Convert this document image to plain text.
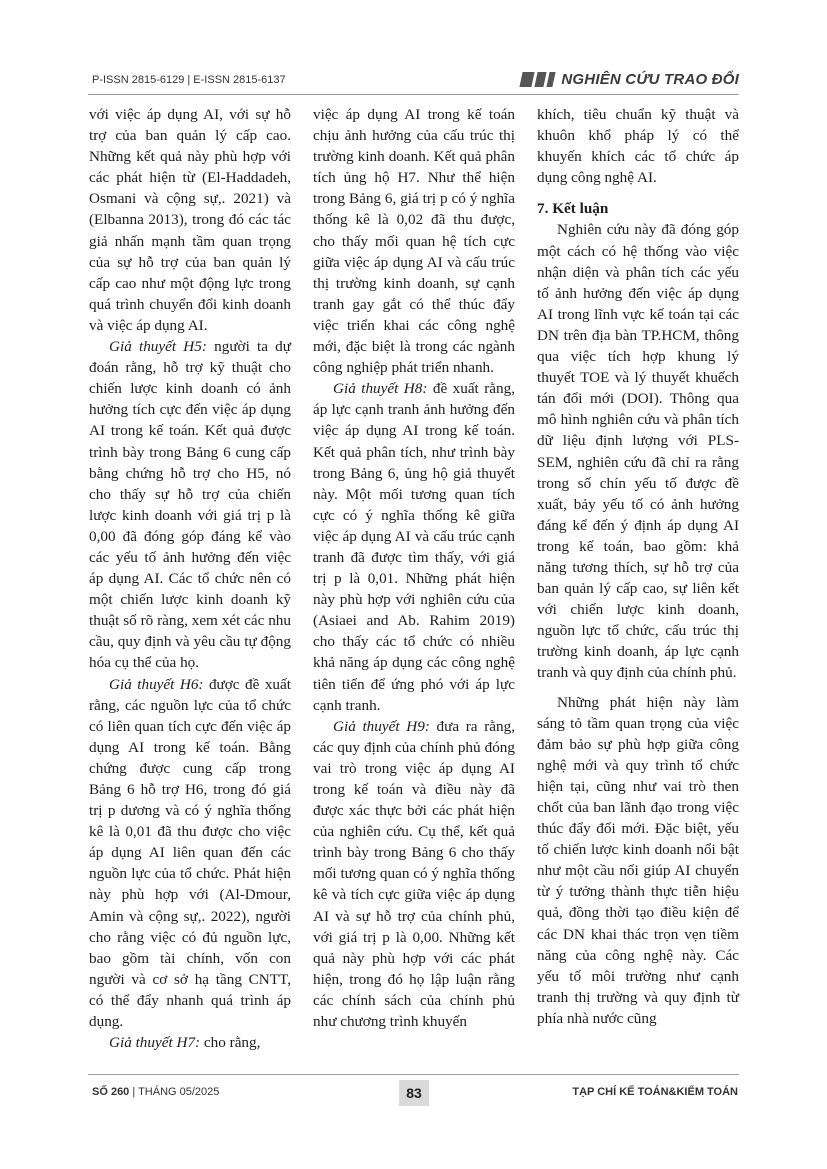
P-ISSN 2815-6129 | E-ISSN 2815-6137	NGHIÊN CỨU TRAO ĐỔI

với việc áp dụng AI, với sự hỗ trợ của ban quản lý cấp cao. Những kết quả này phù hợp với các phát hiện từ (El-Haddadeh, Osmani và cộng sự,. 2021) và (Elbanna 2013), trong đó các tác giả nhấn mạnh tầm quan trọng của sự hỗ trợ của ban quản lý cấp cao như một động lực trong quá trình chuyển đổi kinh doanh và việc áp dụng AI.

Giả thuyết H5: người ta dự đoán rằng, hỗ trợ kỹ thuật cho chiến lược kinh doanh có ảnh hưởng tích cực đến việc áp dụng AI trong kế toán. Kết quả được trình bày trong Bảng 6 cung cấp bằng chứng hỗ trợ cho H5, nó cho thấy sự hỗ trợ của chiến lược kinh doanh với giá trị p là 0,00 đã đóng góp đáng kể vào các yếu tố ảnh hưởng đến việc áp dụng AI. Các tổ chức nên có một chiến lược kinh doanh kỹ thuật số rõ ràng, xem xét các nhu cầu, quy định và yêu cầu tự động hóa cụ thể của họ.

Giả thuyết H6: được đề xuất rằng, các nguồn lực của tổ chức có liên quan tích cực đến việc áp dụng AI trong kế toán. Bằng chứng được cung cấp trong Bảng 6 hỗ trợ H6, trong đó giá trị p dương và có ý nghĩa thống kê là 0,01 đã thu được cho việc áp dụng AI liên quan đến các nguồn lực của tổ chức. Phát hiện này phù hợp với (Al-Dmour, Amin và cộng sự,. 2022), người cho rằng việc có đủ nguồn lực, bao gồm tài chính, vốn con người và cơ sở hạ tầng CNTT, có thể đẩy nhanh quá trình áp dụng.

Giả thuyết H7: cho rằng,

việc áp dụng AI trong kế toán chịu ảnh hưởng của cấu trúc thị trường kinh doanh. Kết quả phân tích ủng hộ H7. Như thể hiện trong Bảng 6, giá trị p có ý nghĩa thống kê là 0,02 đã thu được, cho thấy mối quan hệ tích cực giữa việc áp dụng AI và cấu trúc thị trường kinh doanh, sự cạnh tranh gay gắt có thể thúc đẩy việc triển khai các công nghệ mới, đặc biệt là trong các ngành công nghiệp phát triển nhanh.

Giả thuyết H8: đề xuất rằng, áp lực cạnh tranh ảnh hưởng đến việc áp dụng AI trong kế toán. Kết quả phân tích, như trình bày trong Bảng 6, ủng hộ giả thuyết này. Một mối tương quan tích cực có ý nghĩa thống kê giữa việc áp dụng AI và cấu trúc cạnh tranh đã được tìm thấy, với giá trị p là 0,01. Những phát hiện này phù hợp với nghiên cứu của (Asiaei and Ab. Rahim 2019) cho thấy các tổ chức có nhiều khả năng áp dụng các công nghệ tiên tiến để ứng phó với áp lực cạnh tranh.

Giả thuyết H9: đưa ra rằng, các quy định của chính phủ đóng vai trò trong việc áp dụng AI trong kế toán và điều này đã được xác thực bởi các phát hiện của nghiên cứu. Cụ thể, kết quả trình bày trong Bảng 6 cho thấy mối tương quan có ý nghĩa thống kê và tích cực giữa việc áp dụng AI và sự hỗ trợ của chính phủ, với giá trị p là 0,00. Những kết quả này phù hợp với các phát hiện, trong đó họ lập luận rằng các chính sách của chính phủ như chương trình khuyến

khích, tiêu chuẩn kỹ thuật và khuôn khổ pháp lý có thể khuyến khích các tổ chức áp dụng công nghệ AI.

7. Kết luận

Nghiên cứu này đã đóng góp một cách có hệ thống vào việc nhận diện và phân tích các yếu tố ảnh hưởng đến việc áp dụng AI trong lĩnh vực kế toán tại các DN trên địa bàn TP.HCM, thông qua việc tích hợp khung lý thuyết TOE và lý thuyết khuếch tán đổi mới (DOI). Thông qua mô hình nghiên cứu và phân tích dữ liệu định lượng với PLS-SEM, nghiên cứu đã chỉ ra rằng trong số chín yếu tố được đề xuất, bảy yếu tố có ảnh hưởng đáng kể đến ý định áp dụng AI trong kế toán, bao gồm: khả năng tương thích, sự hỗ trợ của ban quản lý cấp cao, sự liên kết với chiến lược kinh doanh, nguồn lực tổ chức, cấu trúc thị trường kinh doanh, áp lực cạnh tranh và quy định của chính phủ.

Những phát hiện này làm sáng tỏ tầm quan trọng của việc đảm bảo sự phù hợp giữa công nghệ mới và quy trình tổ chức hiện tại, cũng như vai trò then chốt của ban lãnh đạo trong việc thúc đẩy đổi mới. Đặc biệt, yếu tố chiến lược kinh doanh nổi bật như một cầu nối giúp AI chuyển từ ý tưởng thành thực tiễn hiệu quả, đồng thời tạo điều kiện để các DN khai thác trọn vẹn tiềm năng của công nghệ này. Các yếu tố môi trường như cạnh tranh thị trường và quy định từ phía nhà nước cũng

SỐ 260 | THÁNG 05/2025	83	TẠP CHÍ KẾ TOÁN&KIỂM TOÁN
